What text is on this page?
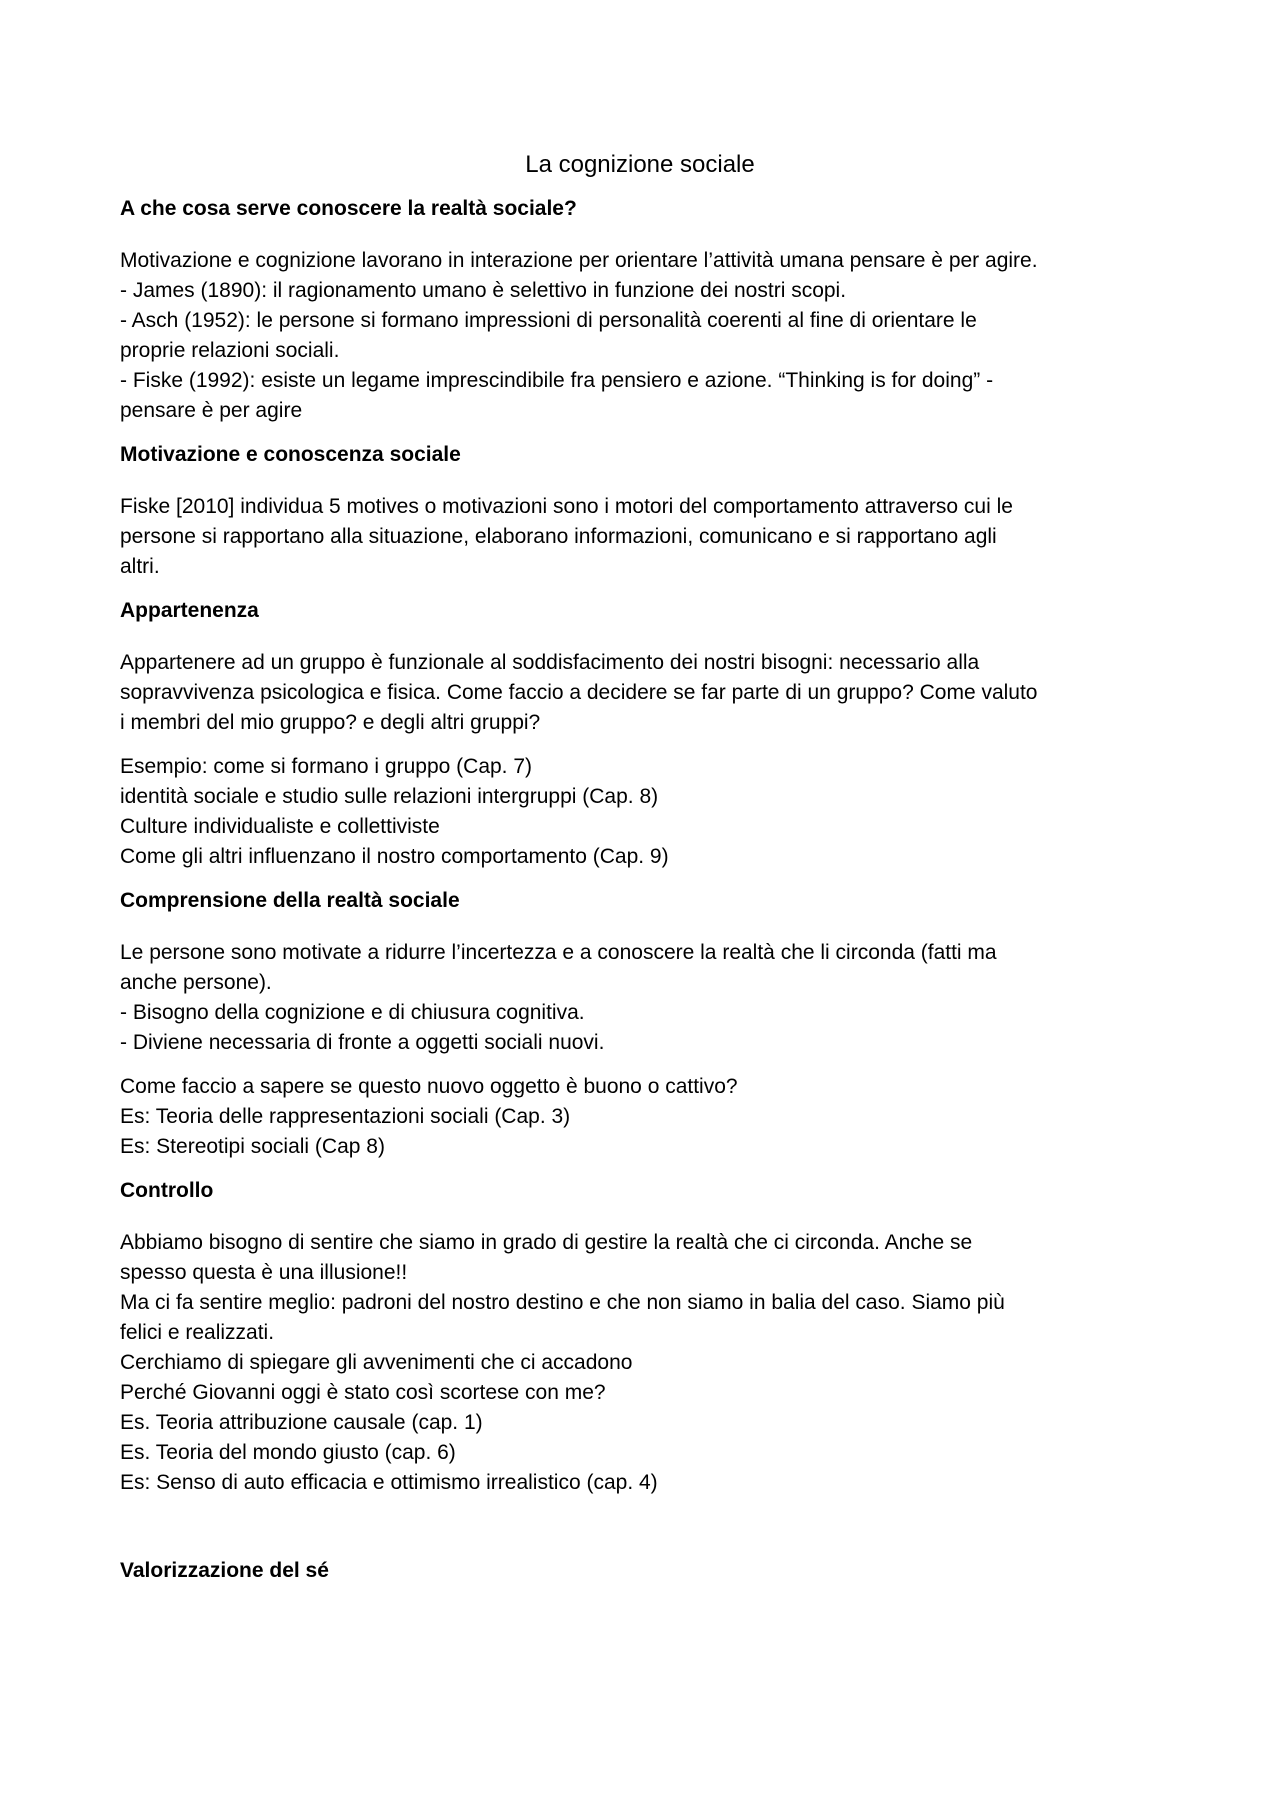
La cognizione sociale
A che cosa serve conoscere la realtà sociale?
Motivazione e cognizione lavorano in interazione per orientare l’attività umana pensare è per agire.
- James (1890): il ragionamento umano è selettivo in funzione dei nostri scopi.
- Asch (1952): le persone si formano impressioni di personalità coerenti al fine di orientare le
proprie relazioni sociali.
- Fiske (1992): esiste un legame imprescindibile fra pensiero e azione. “Thinking is for doing” -
pensare è per agire
Motivazione e conoscenza sociale
Fiske [2010] individua 5 motives o motivazioni sono i motori del comportamento attraverso cui le
persone si rapportano alla situazione, elaborano informazioni, comunicano e si rapportano agli
altri.
Appartenenza
Appartenere ad un gruppo è funzionale al soddisfacimento dei nostri bisogni: necessario alla
sopravvivenza psicologica e fisica. Come faccio a decidere se far parte di un gruppo? Come valuto
i membri del mio gruppo? e degli altri gruppi?
Esempio: come si formano i gruppo (Cap. 7)
identità sociale e studio sulle relazioni intergruppi (Cap. 8)
Culture individualiste e collettiviste
Come gli altri influenzano il nostro comportamento (Cap. 9)
Comprensione della realtà sociale
Le persone sono motivate a ridurre l’incertezza e a conoscere la realtà che li circonda (fatti ma
anche persone).
- Bisogno della cognizione e di chiusura cognitiva.
- Diviene necessaria di fronte a oggetti sociali nuovi.
Come faccio a sapere se questo nuovo oggetto è buono o cattivo?
Es: Teoria delle rappresentazioni sociali (Cap. 3)
Es: Stereotipi sociali (Cap 8)
Controllo
Abbiamo bisogno di sentire che siamo in grado di gestire la realtà che ci circonda. Anche se
spesso questa è una illusione!!
Ma ci fa sentire meglio: padroni del nostro destino e che non siamo in balia del caso. Siamo più
felici e realizzati.
Cerchiamo di spiegare gli avvenimenti che ci accadono
Perché Giovanni oggi è stato così scortese con me?
Es. Teoria attribuzione causale (cap. 1)
Es. Teoria del mondo giusto (cap. 6)
Es: Senso di auto efficacia e ottimismo irrealistico (cap. 4)
Valorizzazione del sé
